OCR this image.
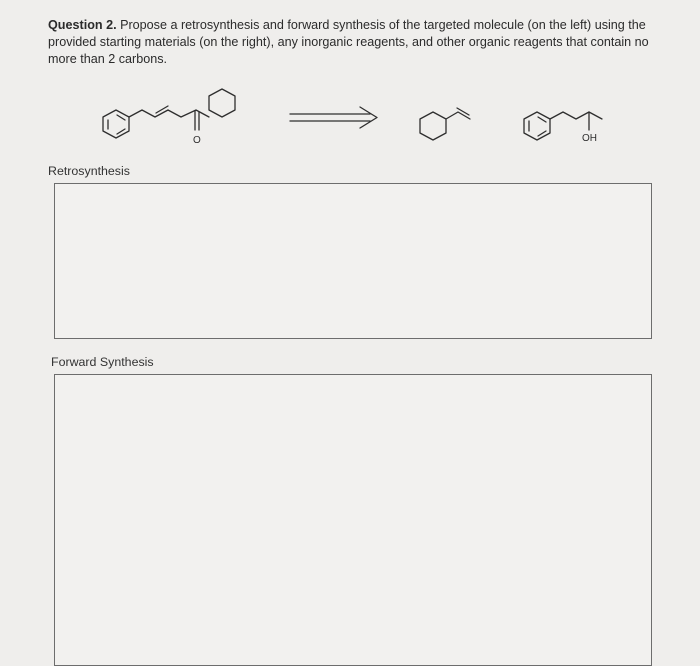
Question 2. Propose a retrosynthesis and forward synthesis of the targeted molecule (on the left) using the provided starting materials (on the right), any inorganic reagents, and other organic reagents that contain no more than 2 carbons.
O	OH
Retrosynthesis
Forward Synthesis
